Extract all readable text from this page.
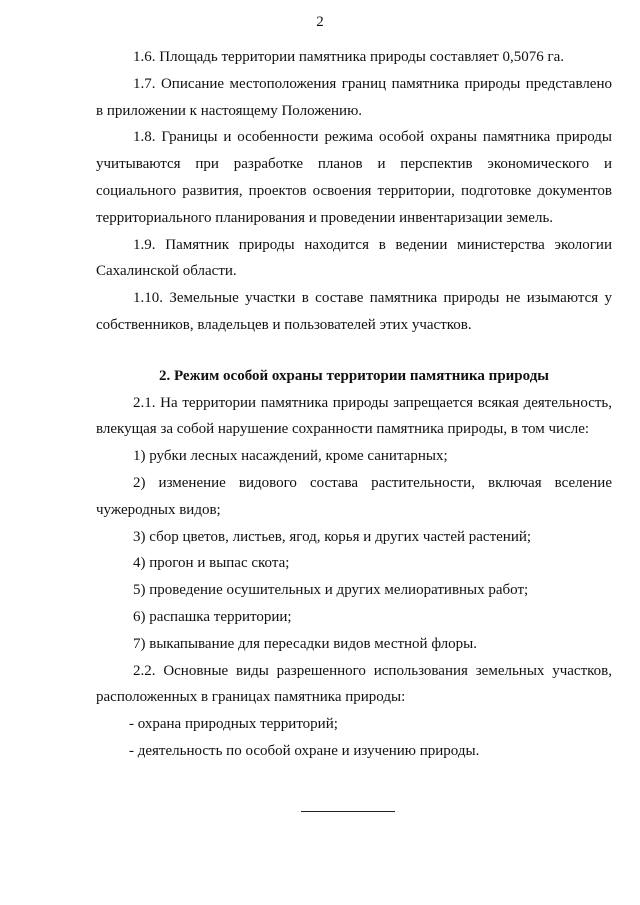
2

1.6. Площадь территории памятника природы составляет 0,5076 га.

1.7. Описание местоположения границ памятника природы представлено в приложении к настоящему Положению.

1.8. Границы и особенности режима особой охраны памятника природы учитываются при разработке планов и перспектив экономического и социального развития, проектов освоения территории, подготовке документов территориального планирования и проведении инвентаризации земель.

1.9. Памятник природы находится в ведении министерства экологии Сахалинской области.

1.10. Земельные участки в составе памятника природы не изымаются у собственников, владельцев и пользователей этих участков.

2. Режим особой охраны территории памятника природы

2.1. На территории памятника природы запрещается всякая деятельность, влекущая за собой нарушение сохранности памятника природы, в том числе:

1) рубки лесных насаждений, кроме санитарных;

2) изменение видового состава растительности, включая вселение чужеродных видов;

3) сбор цветов, листьев, ягод, корья и других частей растений;

4) прогон и выпас скота;

5) проведение осушительных и других мелиоративных работ;

6) распашка территории;

7) выкапывание для пересадки видов местной флоры.

2.2. Основные виды разрешенного использования земельных участков, расположенных в границах памятника природы:

- охрана природных территорий;

- деятельность по особой охране и изучению природы.
